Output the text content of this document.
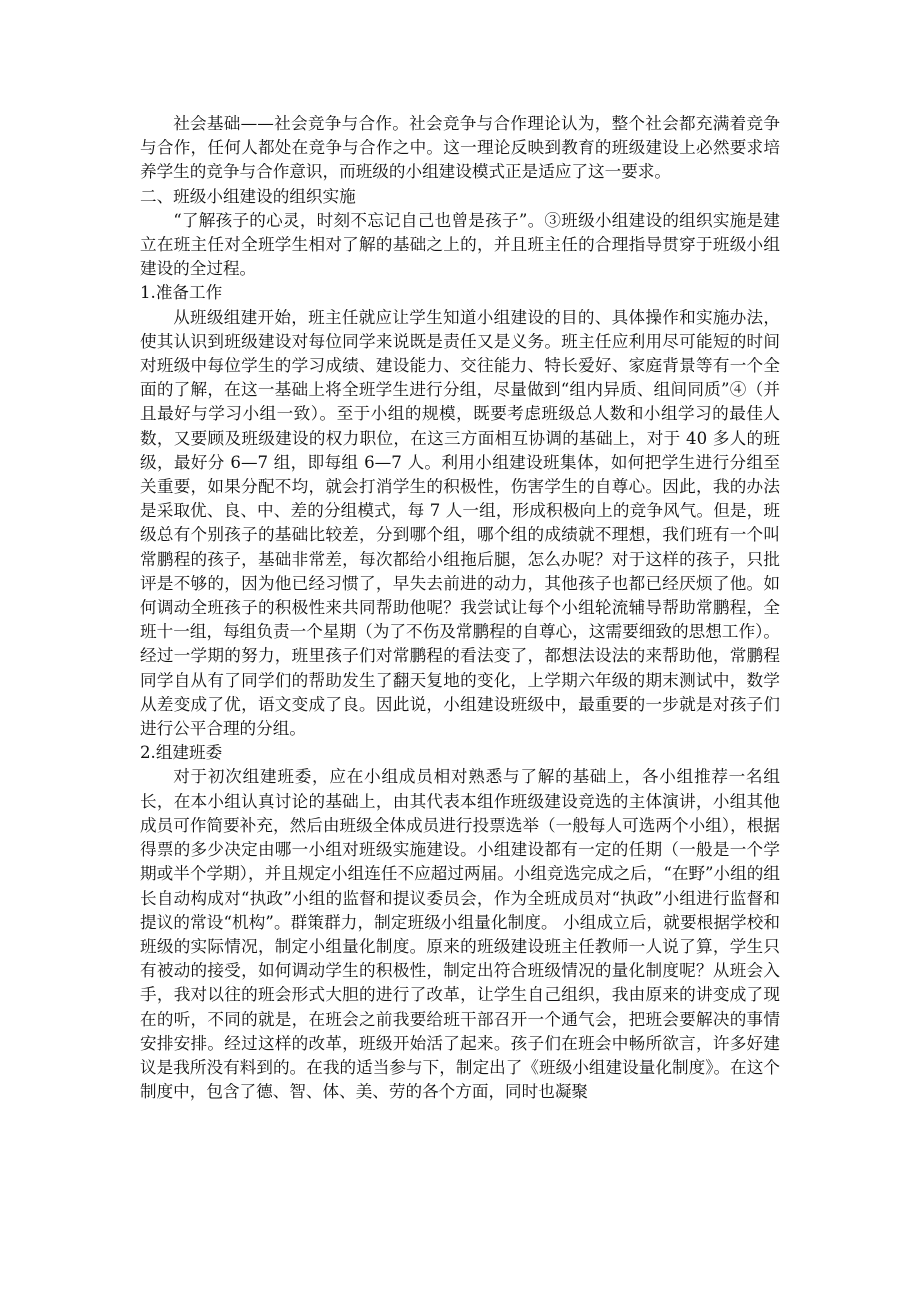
社会基础——社会竞争与合作。社会竞争与合作理论认为，整个社会都充满着竞争与合作，任何人都处在竞争与合作之中。这一理论反映到教育的班级建设上必然要求培养学生的竞争与合作意识，而班级的小组建设模式正是适应了这一要求。

二、班级小组建设的组织实施

“了解孩子的心灵，时刻不忘记自己也曾是孩子”。③班级小组建设的组织实施是建立在班主任对全班学生相对了解的基础之上的，并且班主任的合理指导贯穿于班级小组建设的全过程。

1.准备工作

从班级组建开始，班主任就应让学生知道小组建设的目的、具体操作和实施办法，使其认识到班级建设对每位同学来说既是责任又是义务。班主任应利用尽可能短的时间对班级中每位学生的学习成绩、建设能力、交往能力、特长爱好、家庭背景等有一个全面的了解，在这一基础上将全班学生进行分组，尽量做到“组内异质、组间同质”④（并且最好与学习小组一致）。至于小组的规模，既要考虑班级总人数和小组学习的最佳人数，又要顾及班级建设的权力职位，在这三方面相互协调的基础上，对于 40 多人的班级，最好分 6—7 组，即每组 6—7 人。利用小组建设班集体，如何把学生进行分组至关重要，如果分配不均，就会打消学生的积极性，伤害学生的自尊心。因此，我的办法是采取优、良、中、差的分组模式，每 7 人一组，形成积极向上的竞争风气。但是，班级总有个别孩子的基础比较差，分到哪个组，哪个组的成绩就不理想，我们班有一个叫常鹏程的孩子，基础非常差，每次都给小组拖后腿，怎么办呢？对于这样的孩子，只批评是不够的，因为他已经习惯了，早失去前进的动力，其他孩子也都已经厌烦了他。如何调动全班孩子的积极性来共同帮助他呢？我尝试让每个小组轮流辅导帮助常鹏程，全班十一组，每组负责一个星期（为了不伤及常鹏程的自尊心，这需要细致的思想工作）。经过一学期的努力，班里孩子们对常鹏程的看法变了，都想法设法的来帮助他，常鹏程同学自从有了同学们的帮助发生了翻天复地的变化，上学期六年级的期末测试中，数学从差变成了优，语文变成了良。因此说，小组建设班级中，最重要的一步就是对孩子们进行公平合理的分组。

2.组建班委

对于初次组建班委，应在小组成员相对熟悉与了解的基础上，各小组推荐一名组长，在本小组认真讨论的基础上，由其代表本组作班级建设竞选的主体演讲，小组其他成员可作简要补充，然后由班级全体成员进行投票选举（一般每人可选两个小组），根据得票的多少决定由哪一小组对班级实施建设。小组建设都有一定的任期（一般是一个学期或半个学期），并且规定小组连任不应超过两届。小组竞选完成之后，“在野”小组的组长自动构成对“执政”小组的监督和提议委员会，作为全班成员对“执政”小组进行监督和提议的常设“机构”。群策群力，制定班级小组量化制度。 小组成立后，就要根据学校和班级的实际情况，制定小组量化制度。原来的班级建设班主任教师一人说了算，学生只有被动的接受，如何调动学生的积极性，制定出符合班级情况的量化制度呢？从班会入手，我对以往的班会形式大胆的进行了改革，让学生自己组织，我由原来的讲变成了现在的听，不同的就是，在班会之前我要给班干部召开一个通气会，把班会要解决的事情安排安排。经过这样的改革，班级开始活了起来。孩子们在班会中畅所欲言，许多好建议是我所没有料到的。在我的适当参与下，制定出了《班级小组建设量化制度》。在这个制度中，包含了德、智、体、美、劳的各个方面，同时也凝聚
